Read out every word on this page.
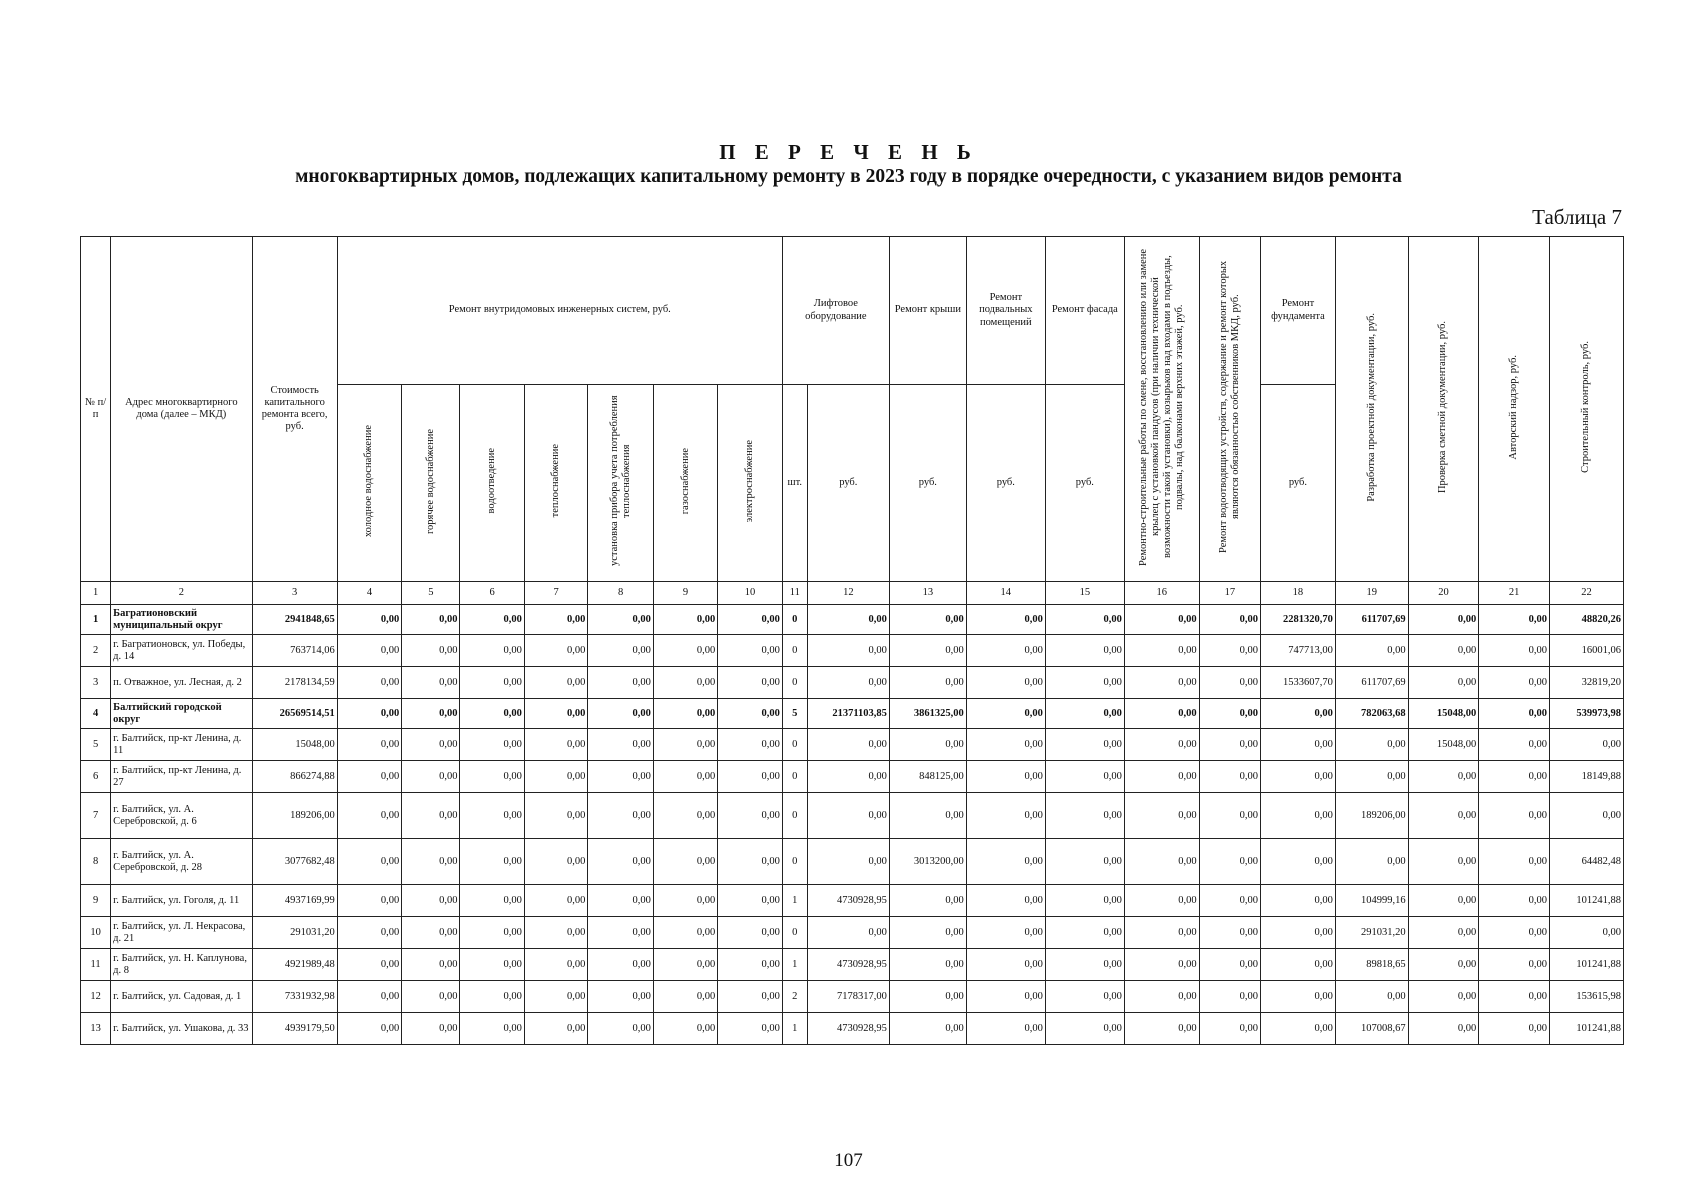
П Е Р Е Ч Е Н Ь
многоквартирных домов, подлежащих капитальному ремонту в 2023 году в порядке очередности, с указанием видов ремонта
Таблица 7
№ п/п	Адрес многоквартирного дома (далее – МКД)	Стоимость капитального ремонта всего, руб.	Ремонт внутридомовых инженерных систем, руб.							Лифтовое оборудование		Ремонт крыши	Ремонт подвальных помещений	Ремонт фасада	Ремонтно-строительные работы по смене, восстановлению или замене крылец с установкой пандусов (при наличии технической возможности такой установки), козырьков над входами в подъезды, подвалы, над балконами верхних этажей, руб.	Ремонт водоотводящих устройств, содержание и ремонт которых являются обязанностью собственников МКД, руб.	Ремонт фундамента	Разработка проектной документации, руб.	Проверка сметной документации, руб.	Авторский надзор, руб.	Строительный контроль, руб.
			холодное водоснабжение	горячее водоснабжение	водоотведение	теплоснабжение	установка прибора учета потребления теплоснабжения	газоснабжение	электроснабжение	шт.	руб.	руб.	руб.	руб.			руб.				
1	2	3	4	5	6	7	8	9	10	11	12	13	14	15	16	17	18	19	20	21	22
1	Багратионовский муниципальный округ	2941848,65	0,00	0,00	0,00	0,00	0,00	0,00	0,00	0	0,00	0,00	0,00	0,00	0,00	0,00	2281320,70	611707,69	0,00	0,00	48820,26
2	г. Багратионовск, ул. Победы, д. 14	763714,06	0,00	0,00	0,00	0,00	0,00	0,00	0,00	0	0,00	0,00	0,00	0,00	0,00	0,00	747713,00	0,00	0,00	0,00	16001,06
3	п. Отважное, ул. Лесная, д. 2	2178134,59	0,00	0,00	0,00	0,00	0,00	0,00	0,00	0	0,00	0,00	0,00	0,00	0,00	0,00	1533607,70	611707,69	0,00	0,00	32819,20
4	Балтийский городской округ	26569514,51	0,00	0,00	0,00	0,00	0,00	0,00	0,00	5	21371103,85	3861325,00	0,00	0,00	0,00	0,00	0,00	782063,68	15048,00	0,00	539973,98
5	г. Балтийск, пр-кт Ленина, д. 11	15048,00	0,00	0,00	0,00	0,00	0,00	0,00	0,00	0	0,00	0,00	0,00	0,00	0,00	0,00	0,00	0,00	15048,00	0,00	0,00
6	г. Балтийск, пр-кт Ленина, д. 27	866274,88	0,00	0,00	0,00	0,00	0,00	0,00	0,00	0	0,00	848125,00	0,00	0,00	0,00	0,00	0,00	0,00	0,00	0,00	18149,88
7	г. Балтийск, ул. А. Серебровской, д. 6	189206,00	0,00	0,00	0,00	0,00	0,00	0,00	0,00	0	0,00	0,00	0,00	0,00	0,00	0,00	0,00	189206,00	0,00	0,00	0,00
8	г. Балтийск, ул. А. Серебровской, д. 28	3077682,48	0,00	0,00	0,00	0,00	0,00	0,00	0,00	0	0,00	3013200,00	0,00	0,00	0,00	0,00	0,00	0,00	0,00	0,00	64482,48
9	г. Балтийск, ул. Гоголя, д. 11	4937169,99	0,00	0,00	0,00	0,00	0,00	0,00	0,00	1	4730928,95	0,00	0,00	0,00	0,00	0,00	0,00	104999,16	0,00	0,00	101241,88
10	г. Балтийск, ул. Л. Некрасова, д. 21	291031,20	0,00	0,00	0,00	0,00	0,00	0,00	0,00	0	0,00	0,00	0,00	0,00	0,00	0,00	0,00	291031,20	0,00	0,00	0,00
11	г. Балтийск, ул. Н. Каплунова, д. 8	4921989,48	0,00	0,00	0,00	0,00	0,00	0,00	0,00	1	4730928,95	0,00	0,00	0,00	0,00	0,00	0,00	89818,65	0,00	0,00	101241,88
12	г. Балтийск, ул. Садовая, д. 1	7331932,98	0,00	0,00	0,00	0,00	0,00	0,00	0,00	2	7178317,00	0,00	0,00	0,00	0,00	0,00	0,00	0,00	0,00	0,00	153615,98
13	г. Балтийск, ул. Ушакова, д. 33	4939179,50	0,00	0,00	0,00	0,00	0,00	0,00	0,00	1	4730928,95	0,00	0,00	0,00	0,00	0,00	0,00	107008,67	0,00	0,00	101241,88
107
